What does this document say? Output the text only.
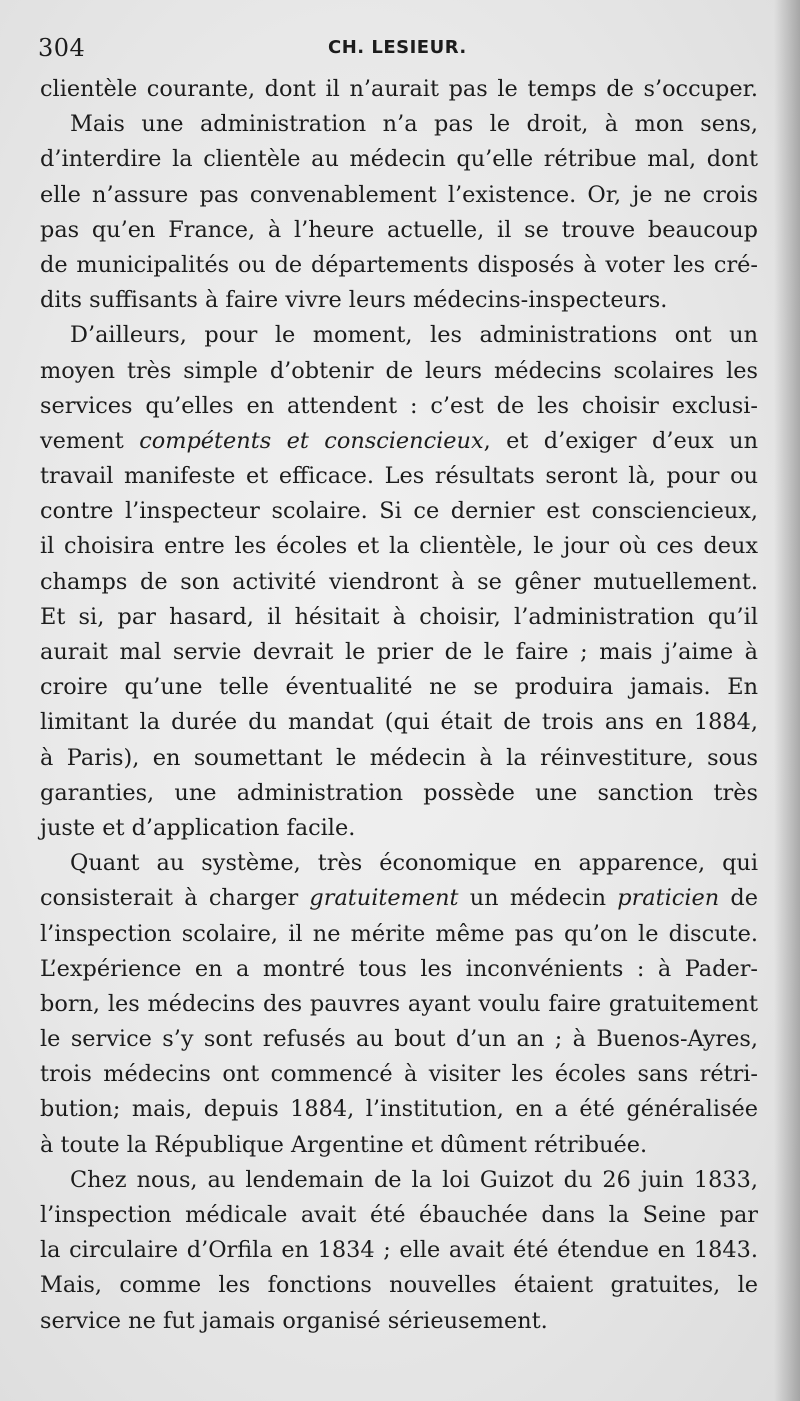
304	CH. LESIEUR.
clientèle courante, dont il n’aurait pas le temps de s’occuper.
Mais une administration n’a pas le droit, à mon sens,
d’interdire la clientèle au médecin qu’elle rétribue mal, dont
elle n’assure pas convenablement l’existence. Or, je ne crois
pas qu’en France, à l’heure actuelle, il se trouve beaucoup
de municipalités ou de départements disposés à voter les cré-
dits suffisants à faire vivre leurs médecins-inspecteurs.
D’ailleurs, pour le moment, les administrations ont un
moyen très simple d’obtenir de leurs médecins scolaires les
services qu’elles en attendent : c’est de les choisir exclusi-
vement compétents et consciencieux, et d’exiger d’eux un
travail manifeste et efficace. Les résultats seront là, pour ou
contre l’inspecteur scolaire. Si ce dernier est consciencieux,
il choisira entre les écoles et la clientèle, le jour où ces deux
champs de son activité viendront à se gêner mutuellement.
Et si, par hasard, il hésitait à choisir, l’administration qu’il
aurait mal servie devrait le prier de le faire ; mais j’aime à
croire qu’une telle éventualité ne se produira jamais. En
limitant la durée du mandat (qui était de trois ans en 1884,
à Paris), en soumettant le médecin à la réinvestiture, sous
garanties, une administration possède une sanction très
juste et d’application facile.
Quant au système, très économique en apparence, qui
consisterait à charger gratuitement un médecin praticien de
l’inspection scolaire, il ne mérite même pas qu’on le discute.
L’expérience en a montré tous les inconvénients : à Pader-
born, les médecins des pauvres ayant voulu faire gratuitement
le service s’y sont refusés au bout d’un an ; à Buenos-Ayres,
trois médecins ont commencé à visiter les écoles sans rétri-
bution; mais, depuis 1884, l’institution, en a été généralisée
à toute la République Argentine et dûment rétribuée.
Chez nous, au lendemain de la loi Guizot du 26 juin 1833,
l’inspection médicale avait été ébauchée dans la Seine par
la circulaire d’Orfila en 1834 ; elle avait été étendue en 1843.
Mais, comme les fonctions nouvelles étaient gratuites, le
service ne fut jamais organisé sérieusement.
